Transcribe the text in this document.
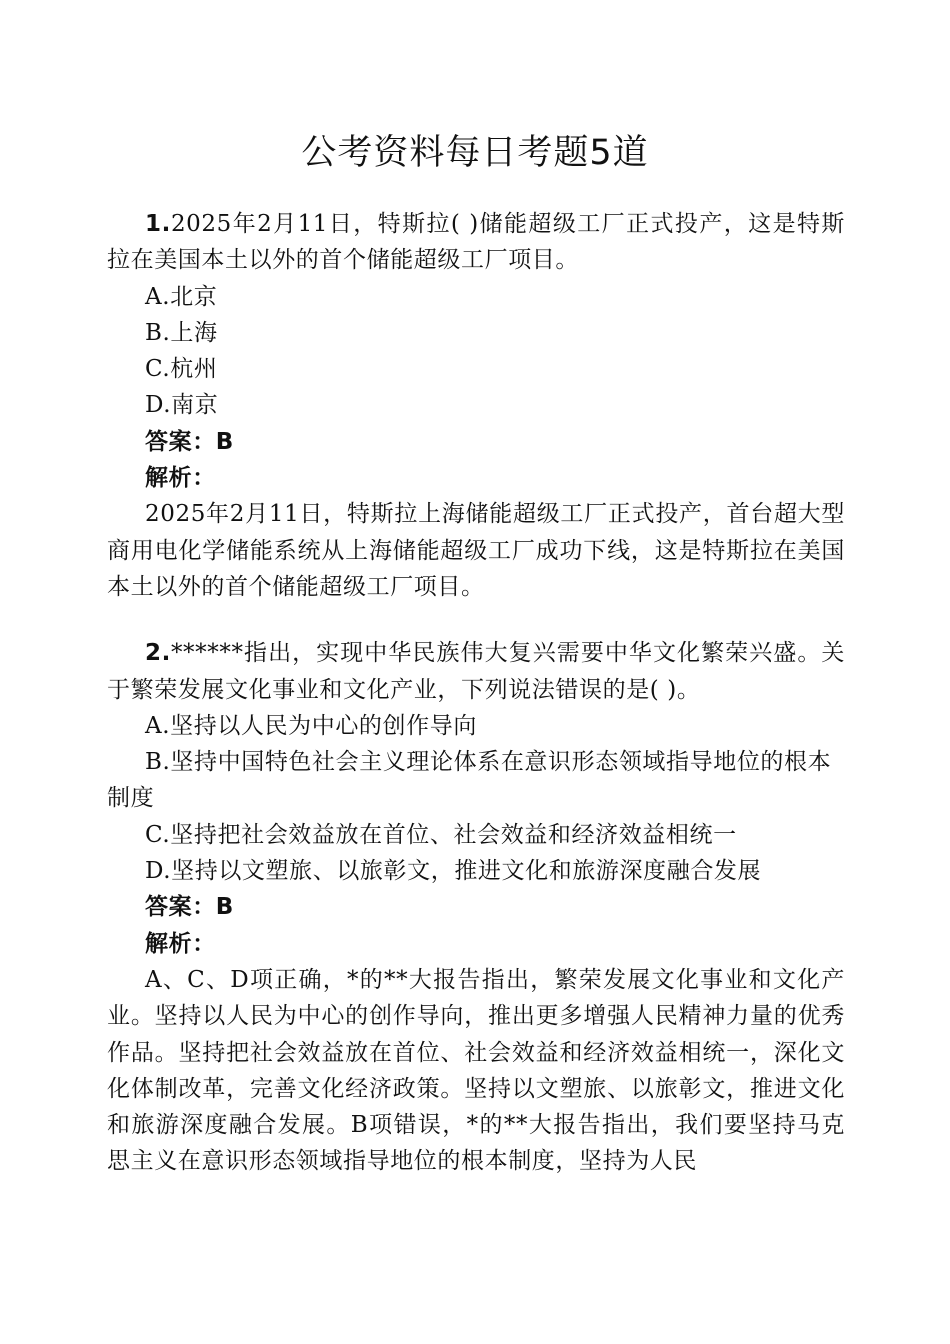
公考资料每日考题5道

1.2025年2月11日，特斯拉( )储能超级工厂正式投产，这是特斯拉在美国本土以外的首个储能超级工厂项目。

A.北京

B.上海

C.杭州

D.南京

答案：B

解析：

2025年2月11日，特斯拉上海储能超级工厂正式投产，首台超大型商用电化学储能系统从上海储能超级工厂成功下线，这是特斯拉在美国本土以外的首个储能超级工厂项目。

2.******指出，实现中华民族伟大复兴需要中华文化繁荣兴盛。关于繁荣发展文化事业和文化产业，下列说法错误的是( )。

A.坚持以人民为中心的创作导向

B.坚持中国特色社会主义理论体系在意识形态领域指导地位的根本制度

C.坚持把社会效益放在首位、社会效益和经济效益相统一

D.坚持以文塑旅、以旅彰文，推进文化和旅游深度融合发展

答案：B

解析：

A、C、D项正确，*的**大报告指出，繁荣发展文化事业和文化产业。坚持以人民为中心的创作导向，推出更多增强人民精神力量的优秀作品。坚持把社会效益放在首位、社会效益和经济效益相统一，深化文化体制改革，完善文化经济政策。坚持以文塑旅、以旅彰文，推进文化和旅游深度融合发展。B项错误，*的**大报告指出，我们要坚持马克思主义在意识形态领域指导地位的根本制度，坚持为人民
